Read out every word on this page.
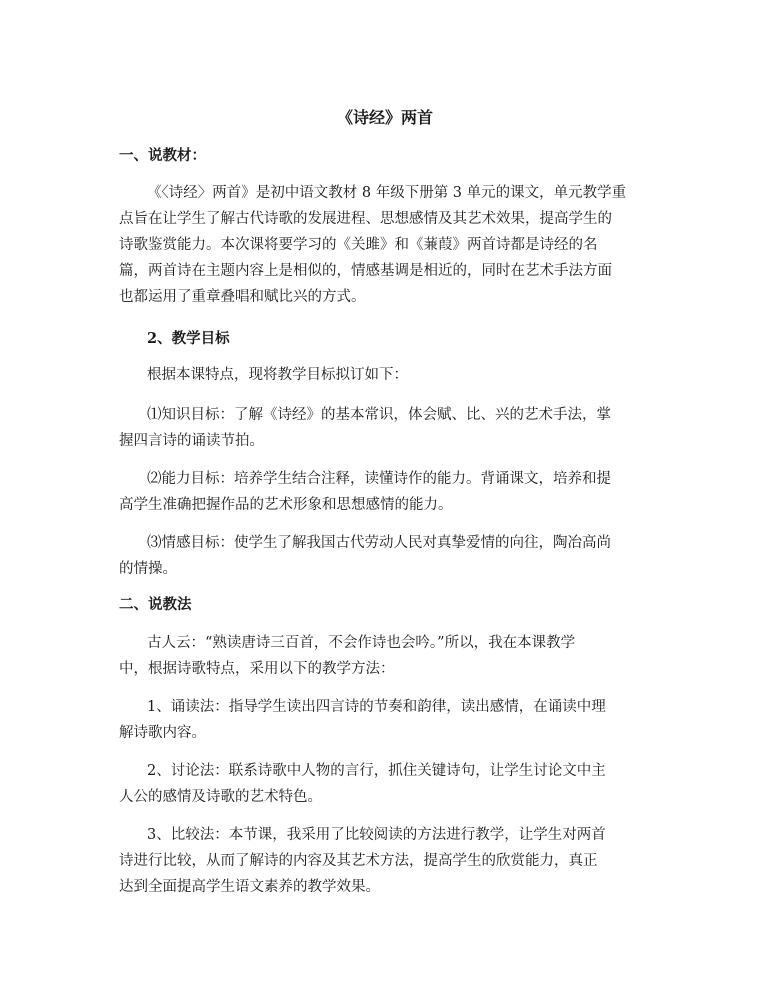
《诗经》两首
一、说教材：
《〈诗经〉两首》是初中语文教材 8 年级下册第 3 单元的课文，单元教学重
点旨在让学生了解古代诗歌的发展进程、思想感情及其艺术效果，提高学生的
诗歌鉴赏能力。本次课将要学习的《关雎》和《蒹葭》两首诗都是诗经的名
篇，两首诗在主题内容上是相似的，情感基调是相近的，同时在艺术手法方面
也都运用了重章叠唱和赋比兴的方式。
2、教学目标
根据本课特点，现将教学目标拟订如下：
⑴知识目标：了解《诗经》的基本常识，体会赋、比、兴的艺术手法，掌
握四言诗的诵读节拍。
⑵能力目标：培养学生结合注释，读懂诗作的能力。背诵课文，培养和提
高学生准确把握作品的艺术形象和思想感情的能力。
⑶情感目标：使学生了解我国古代劳动人民对真挚爱情的向往，陶冶高尚
的情操。
二、说教法
古人云：“熟读唐诗三百首，不会作诗也会吟。”所以，我在本课教学
中，根据诗歌特点，采用以下的教学方法：
1、诵读法：指导学生读出四言诗的节奏和韵律，读出感情，在诵读中理
解诗歌内容。
2、讨论法：联系诗歌中人物的言行，抓住关键诗句，让学生讨论文中主
人公的感情及诗歌的艺术特色。
3、比较法：本节课，我采用了比较阅读的方法进行教学，让学生对两首
诗进行比较，从而了解诗的内容及其艺术方法，提高学生的欣赏能力，真正
达到全面提高学生语文素养的教学效果。
